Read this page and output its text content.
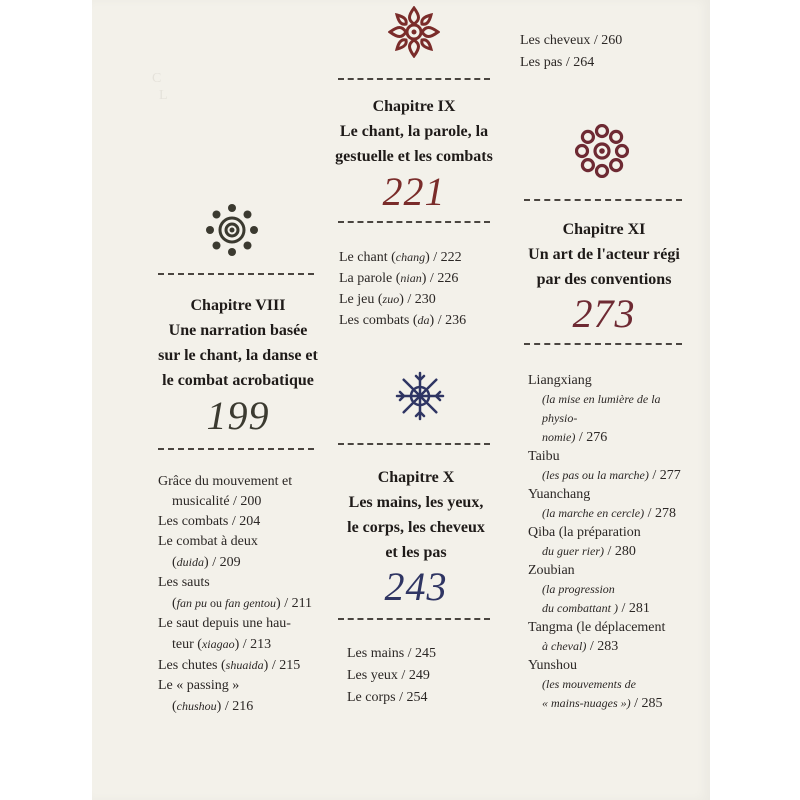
C
L

Chapitre VIII
Une narration basée
sur le chant, la danse et
le combat acrobatique
199

Grâce du mouvement et

musicalité / 200

Les combats / 204

Le combat à deux

(duida) / 209

Les sauts

(fan pu ou fan gentou) / 211

Le saut depuis une hau-

teur (xiagao) / 213

Les chutes (shuaida) / 215

Le « passing »

(chushou) / 216

Chapitre IX
Le chant, la parole, la
gestuelle et les combats
221

Le chant (chang) / 222

La parole (nian) / 226

Le jeu (zuo) / 230

Les combats (da) / 236

Chapitre X
Les mains, les yeux,
le corps, les cheveux
et les pas
243

Les mains / 245

Les yeux / 249

Le corps / 254

Les cheveux / 260

Les pas / 264

Chapitre XI
Un art de l'acteur régi
par des conventions
273

Liangxiang

(la mise en lumière de la physio-
nomie) / 276

Taibu

(les pas ou la marche) / 277

Yuanchang

(la marche en cercle) / 278

Qiba (la préparation

du guer rier) / 280

Zoubian

(la progression
du combattant ) / 281

Tangma (le déplacement

à cheval) / 283

Yunshou

(les mouvements de
« mains-nuages ») / 285
